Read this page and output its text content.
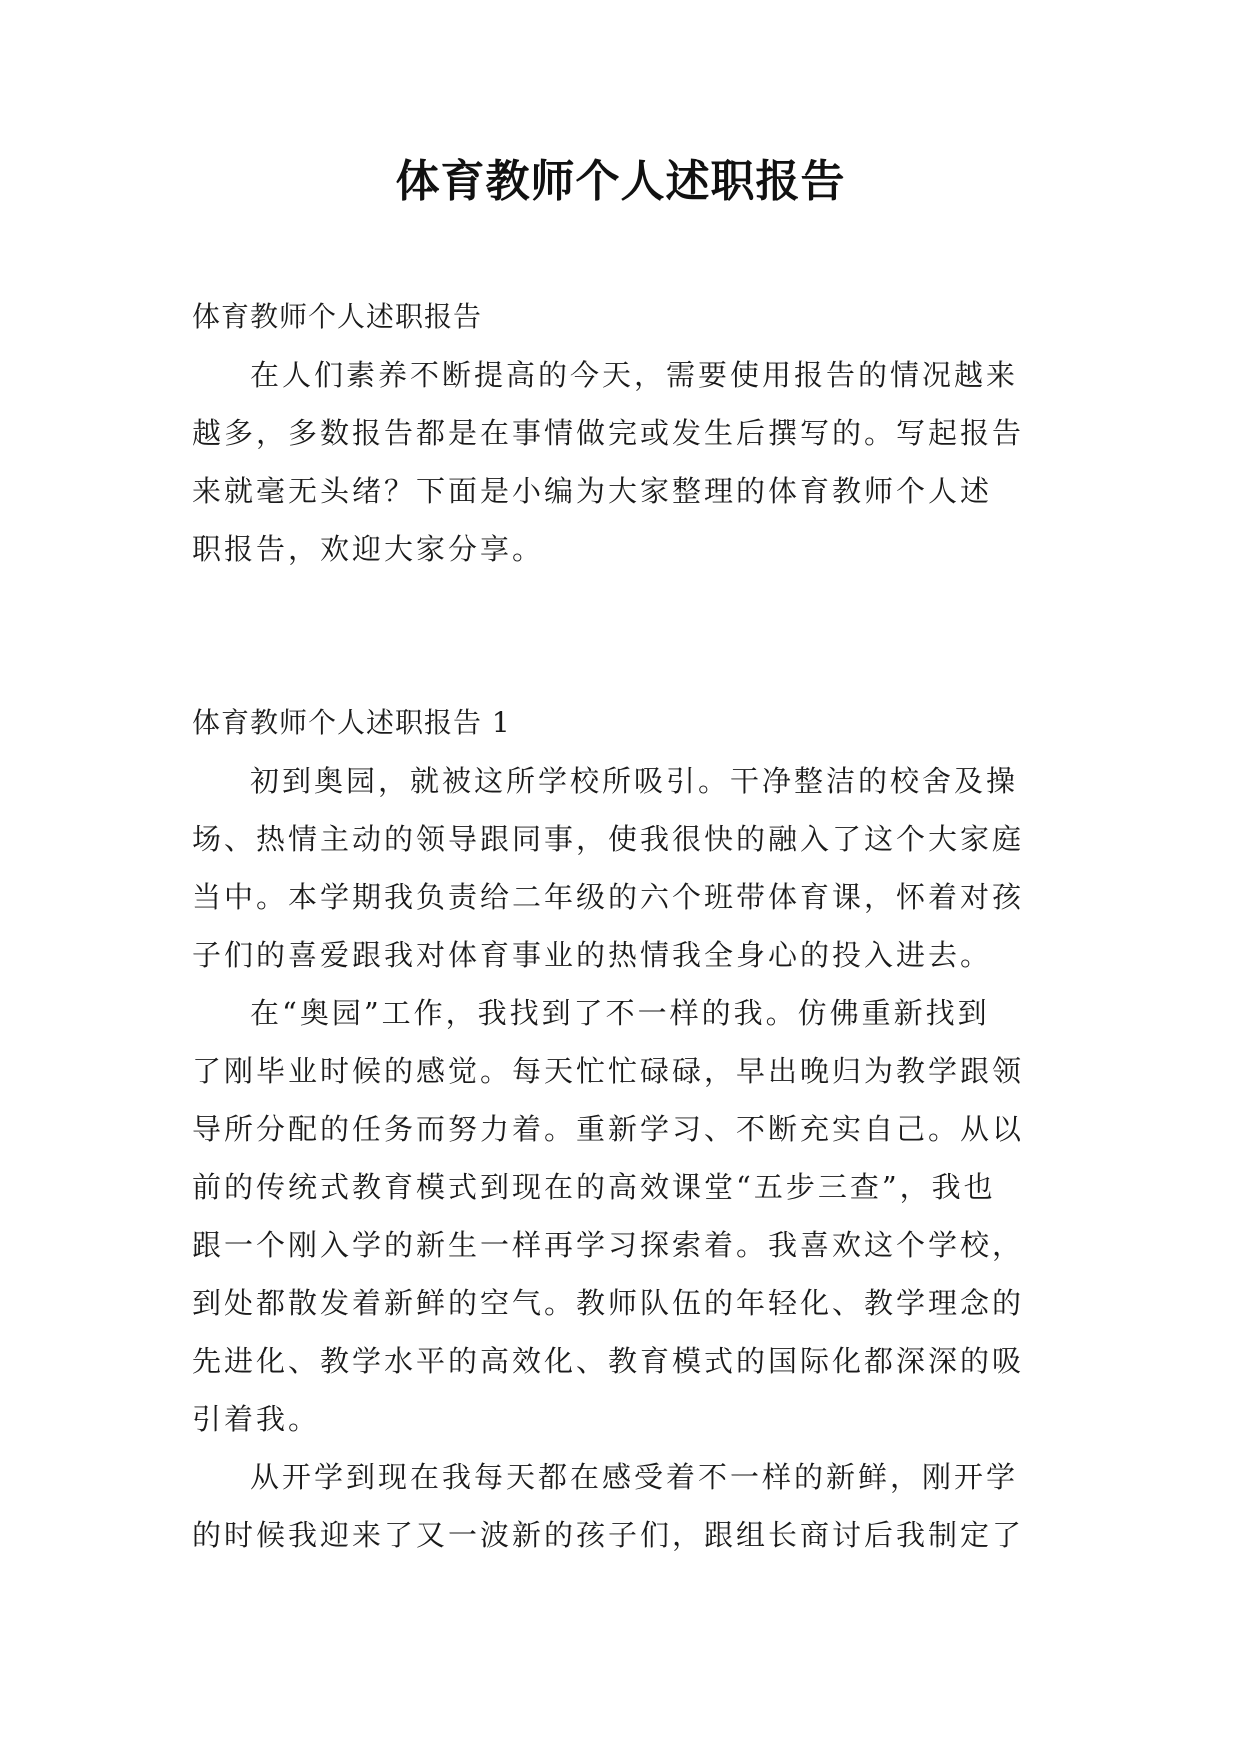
体育教师个人述职报告

体育教师个人述职报告

在人们素养不断提高的今天，需要使用报告的情况越来
越多，多数报告都是在事情做完或发生后撰写的。写起报告
来就毫无头绪？下面是小编为大家整理的体育教师个人述
职报告，欢迎大家分享。

体育教师个人述职报告 1

初到奥园，就被这所学校所吸引。干净整洁的校舍及操
场、热情主动的领导跟同事，使我很快的融入了这个大家庭
当中。本学期我负责给二年级的六个班带体育课，怀着对孩
子们的喜爱跟我对体育事业的热情我全身心的投入进去。

在“奥园”工作，我找到了不一样的我。仿佛重新找到
了刚毕业时候的感觉。每天忙忙碌碌，早出晚归为教学跟领
导所分配的任务而努力着。重新学习、不断充实自己。从以
前的传统式教育模式到现在的高效课堂“五步三查”，我也
跟一个刚入学的新生一样再学习探索着。我喜欢这个学校，
到处都散发着新鲜的空气。教师队伍的年轻化、教学理念的
先进化、教学水平的高效化、教育模式的国际化都深深的吸
引着我。

从开学到现在我每天都在感受着不一样的新鲜，刚开学
的时候我迎来了又一波新的孩子们，跟组长商讨后我制定了
